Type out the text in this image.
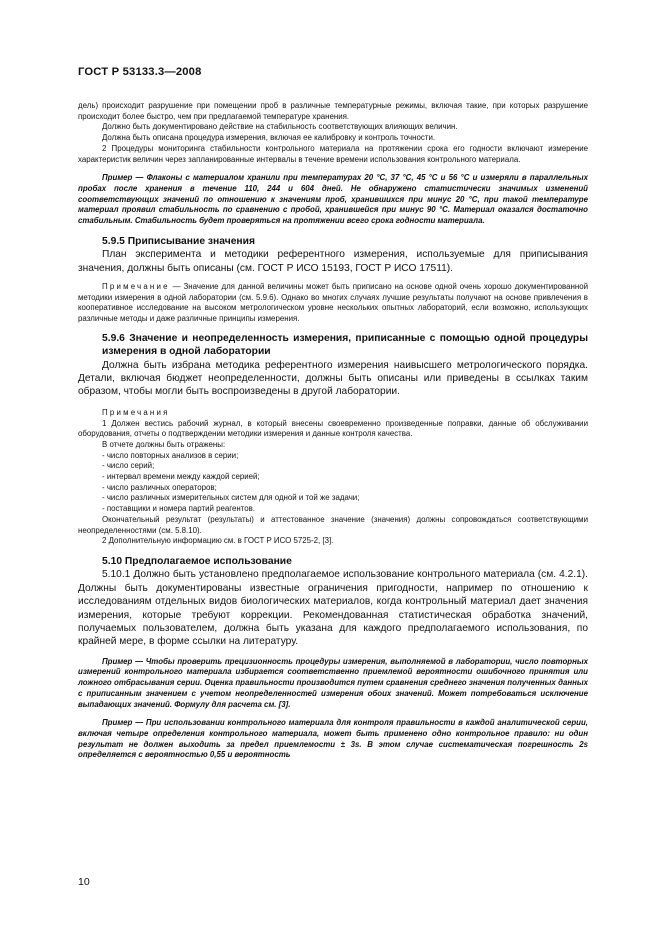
ГОСТ Р 53133.3—2008

дель) происходит разрушение при помещении проб в различные температурные режимы, включая такие, при которых разрушение происходит более быстро, чем при предлагаемой температуре хранения.

Должно быть документировано действие на стабильность соответствующих влияющих величин.

Должна быть описана процедура измерения, включая ее калибровку и контроль точности.

2 Процедуры мониторинга стабильности контрольного материала на протяжении срока его годности включают измерение характеристик величин через запланированные интервалы в течение времени использования контрольного материала.

Пример — Флаконы с материалом хранили при температурах 20 °С, 37 °С, 45 °С и 56 °С и измеряли в параллельных пробах после хранения в течение 110, 244 и 604 дней. Не обнаружено статистически значимых изменений соответствующих значений по отношению к значениям проб, хранившихся при минус 20 °С, при такой температуре материал проявил стабильность по сравнению с пробой, хранившейся при минус 90 °С. Материал оказался достаточно стабильным. Стабильность будет проверяться на протяжении всего срока годности материала.

5.9.5 Приписывание значения

План эксперимента и методики референтного измерения, используемые для приписывания значения, должны быть описаны (см. ГОСТ Р ИСО 15193, ГОСТ Р ИСО 17511).

Примечание — Значение для данной величины может быть приписано на основе одной очень хорошо документированной методики измерения в одной лаборатории (см. 5.9.6). Однако во многих случаях лучшие результаты получают на основе привлечения в кооперативное исследование на высоком метрологическом уровне нескольких опытных лабораторий, если возможно, использующих различные методы и даже различные принципы измерения.

5.9.6 Значение и неопределенность измерения, приписанные с помощью одной процедуры измерения в одной лаборатории

Должна быть избрана методика референтного измерения наивысшего метрологического порядка. Детали, включая бюджет неопределенности, должны быть описаны или приведены в ссылках таким образом, чтобы могли быть воспроизведены в другой лаборатории.

Примечания

1 Должен вестись рабочий журнал, в который внесены своевременно произведенные поправки, данные об обслуживании оборудования, отчеты о подтверждении методики измерения и данные контроля качества.

В отчете должны быть отражены:

- число повторных анализов в серии;

- число серий;

- интервал времени между каждой серией;

- число различных операторов;

- число различных измерительных систем для одной и той же задачи;

- поставщики и номера партий реагентов.

Окончательный результат (результаты) и аттестованное значение (значения) должны сопровождаться соответствующими неопределенностями (см. 5.8.10).

2 Дополнительную информацию см. в ГОСТ Р ИСО 5725-2, [3].

5.10 Предполагаемое использование

5.10.1 Должно быть установлено предполагаемое использование контрольного материала (см. 4.2.1). Должны быть документированы известные ограничения пригодности, например по отношению к исследованиям отдельных видов биологических материалов, когда контрольный материал дает значения измерения, которые требуют коррекции. Рекомендованная статистическая обработка значений, получаемых пользователем, должна быть указана для каждого предполагаемого использования, по крайней мере, в форме ссылки на литературу.

Пример — Чтобы проверить прецизионность процедуры измерения, выполняемой в лаборатории, число повторных измерений контрольного материала избирается соответственно приемлемой вероятности ошибочного принятия или ложного отбрасывания серии. Оценка правильности производится путем сравнения среднего значения полученных данных с приписанным значением с учетом неопределенностей измерения обоих значений. Может потребоваться исключение выпадающих значений. Формулу для расчета см. [3].

Пример — При использовании контрольного материала для контроля правильности в каждой аналитической серии, включая четыре определения контрольного материала, может быть применено одно контрольное правило: ни один результат не должен выходить за предел приемлемости ± 3s. В этом случае систематическая погрешность 2s определяется с вероятностью 0,55 и вероятность

10
